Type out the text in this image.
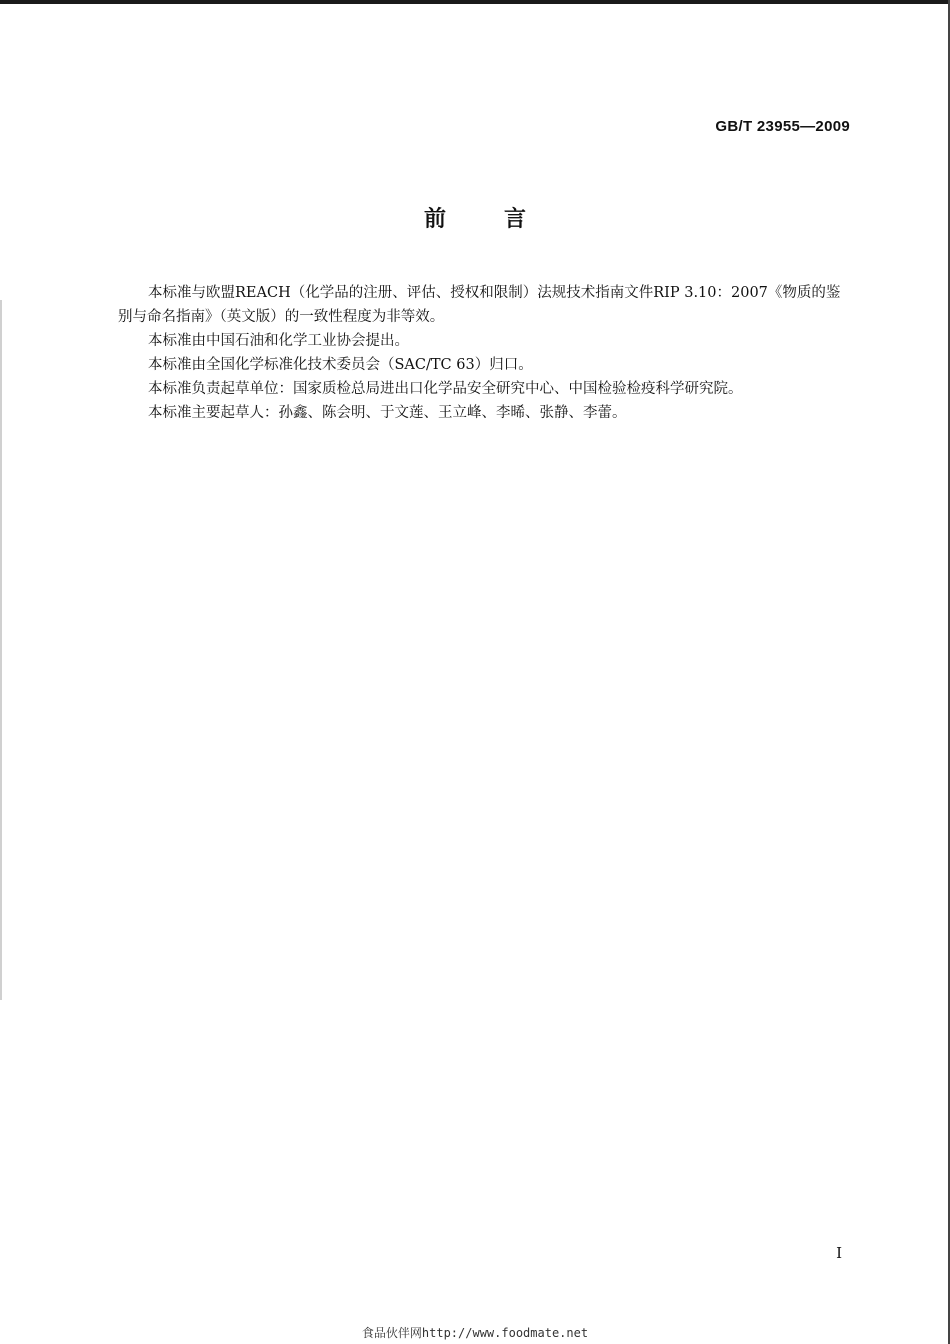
GB/T 23955—2009
前言

本标准与欧盟REACH（化学品的注册、评估、授权和限制）法规技术指南文件RIP 3.10：2007《物质的鉴别与命名指南》（英文版）的一致性程度为非等效。

本标准由中国石油和化学工业协会提出。

本标准由全国化学标准化技术委员会（SAC/TC 63）归口。

本标准负责起草单位：国家质检总局进出口化学品安全研究中心、中国检验检疫科学研究院。

本标准主要起草人：孙鑫、陈会明、于文莲、王立峰、李晞、张静、李蕾。

I
食品伙伴网http://www.foodmate.net
